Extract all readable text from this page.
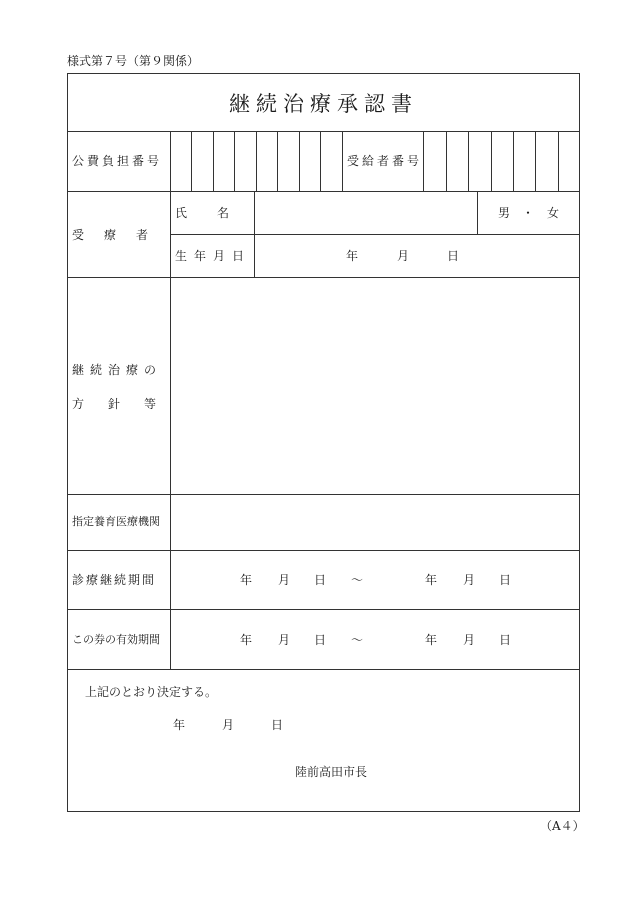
様式第７号（第９関係）
継続治療承認書
公費負担番号	受給者番号
受　療　者
氏　　名	男 ・ 女
生年月日	年	月	日
継続治療の
方　針　等
指定養育医療機関
診療継続期間	年 月 日 ～	年 月 日
この券の有効期間	年 月 日 ～	年 月 日
上記のとおり決定する。
年	月	日
陸前高田市長
（A４）
